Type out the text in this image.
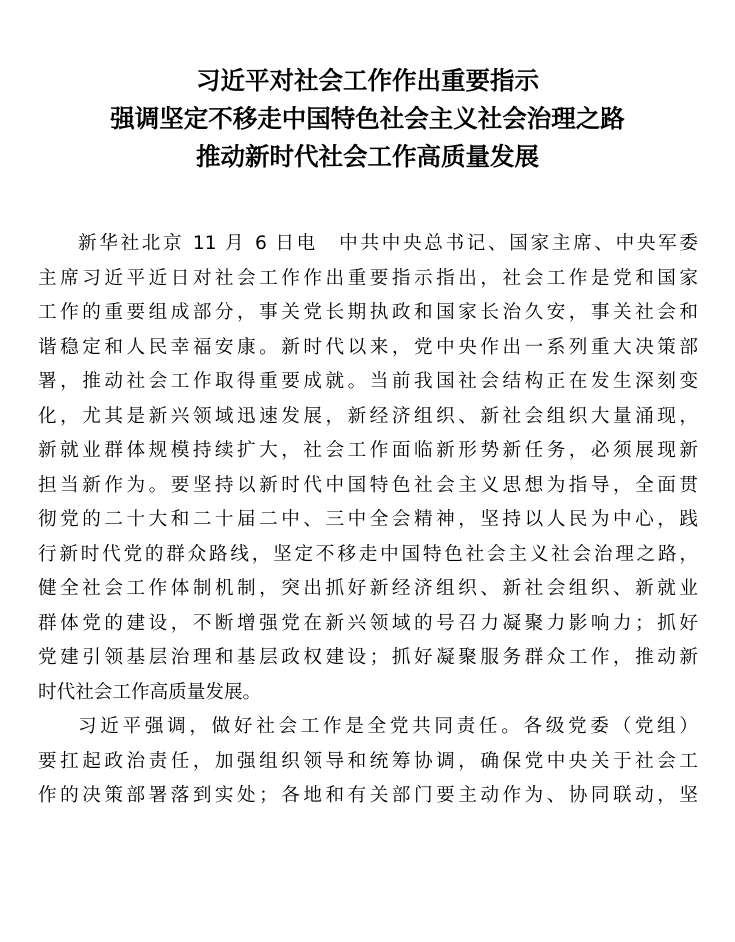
习近平对社会工作作出重要指示
强调坚定不移走中国特色社会主义社会治理之路
推动新时代社会工作高质量发展
新华社北京 11 月 6 日电　中共中央总书记、国家主席、中央军委
主席习近平近日对社会工作作出重要指示指出，社会工作是党和国家
工作的重要组成部分，事关党长期执政和国家长治久安，事关社会和
谐稳定和人民幸福安康。新时代以来，党中央作出一系列重大决策部
署，推动社会工作取得重要成就。当前我国社会结构正在发生深刻变
化，尤其是新兴领域迅速发展，新经济组织、新社会组织大量涌现，
新就业群体规模持续扩大，社会工作面临新形势新任务，必须展现新
担当新作为。要坚持以新时代中国特色社会主义思想为指导，全面贯
彻党的二十大和二十届二中、三中全会精神，坚持以人民为中心，践
行新时代党的群众路线，坚定不移走中国特色社会主义社会治理之路，
健全社会工作体制机制，突出抓好新经济组织、新社会组织、新就业
群体党的建设，不断增强党在新兴领域的号召力凝聚力影响力；抓好
党建引领基层治理和基层政权建设；抓好凝聚服务群众工作，推动新
时代社会工作高质量发展。
习近平强调，做好社会工作是全党共同责任。各级党委（党组）
要扛起政治责任，加强组织领导和统筹协调，确保党中央关于社会工
作的决策部署落到实处；各地和有关部门要主动作为、协同联动，坚
